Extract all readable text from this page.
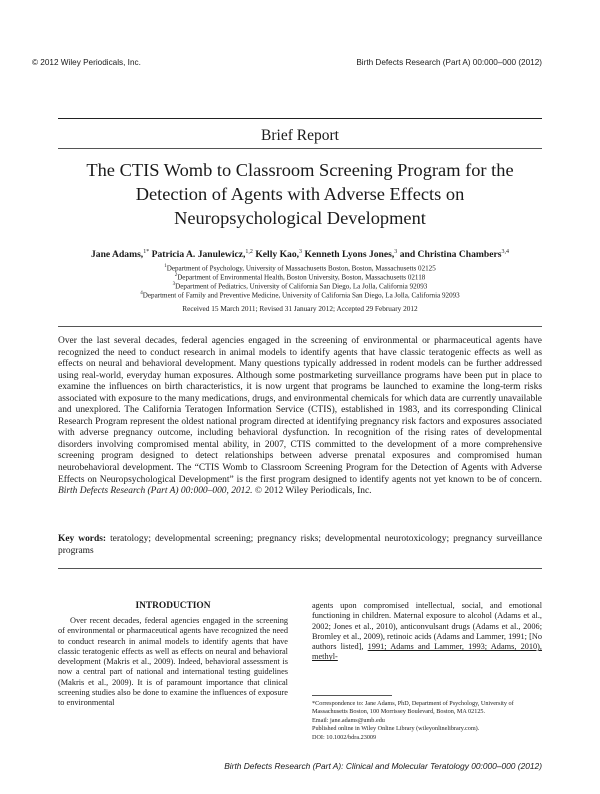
© 2012 Wiley Periodicals, Inc.	Birth Defects Research (Part A) 00:000–000 (2012)
Brief Report
The CTIS Womb to Classroom Screening Program for the Detection of Agents with Adverse Effects on Neuropsychological Development
Jane Adams,$^{1*}$ Patricia A. Janulewicz,$^{1,2}$ Kelly Kao,$^3$ Kenneth Lyons Jones,$^3$ and Christina Chambers$^{3,4}$
$^1$Department of Psychology, University of Massachusetts Boston, Boston, Massachusetts 02125
$^2$Department of Environmental Health, Boston University, Boston, Massachusetts 02118
$^3$Department of Pediatrics, University of California San Diego, La Jolla, California 92093
$^4$Department of Family and Preventive Medicine, University of California San Diego, La Jolla, California 92093
Received 15 March 2011; Revised 31 January 2012; Accepted 29 February 2012
Over the last several decades, federal agencies engaged in the screening of environmental or pharmaceutical agents have recognized the need to conduct research in animal models to identify agents that have classic teratogenic effects as well as effects on neural and behavioral development. Many questions typically addressed in rodent models can be further addressed using real-world, everyday human exposures. Although some postmarketing surveillance programs have been put in place to examine the influences on birth characteristics, it is now urgent that programs be launched to examine the long-term risks associated with exposure to the many medications, drugs, and environmental chemicals for which data are currently unavailable and unexplored. The California Teratogen Information Service (CTIS), established in 1983, and its corresponding Clinical Research Program represent the oldest national program directed at identifying pregnancy risk factors and exposures associated with adverse pregnancy outcome, including behavioral dysfunction. In recognition of the rising rates of developmental disorders involving compromised mental ability, in 2007, CTIS committed to the development of a more comprehensive screening program designed to detect relationships between adverse prenatal exposures and compromised human neurobehavioral development. The “CTIS Womb to Classroom Screening Program for the Detection of Agents with Adverse Effects on Neuropsychological Development” is the first program designed to identify agents not yet known to be of concern. Birth Defects Research (Part A) 00:000–000, 2012. © 2012 Wiley Periodicals, Inc.
Key words: teratology; developmental screening; pregnancy risks; developmental neurotoxicology; pregnancy surveillance programs
INTRODUCTION
Over recent decades, federal agencies engaged in the screening of environmental or pharmaceutical agents have recognized the need to conduct research in animal models to identify agents that have classic teratogenic effects as well as effects on neural and behavioral development (Makris et al., 2009). Indeed, behavioral assessment is now a central part of national and international testing guidelines (Makris et al., 2009). It is of paramount importance that clinical screening studies also be done to examine the influences of exposure to environmental
agents upon compromised intellectual, social, and emotional functioning in children. Maternal exposure to alcohol (Adams et al., 2002; Jones et al., 2010), anticonvulsant drugs (Adams et al., 2006; Bromley et al., 2009), retinoic acids (Adams and Lammer, 1991; [No authors listed], 1991; Adams and Lammer, 1993; Adams, 2010), methyl-

*Correspondence to: Jane Adams, PhD, Department of Psychology, University of Massachusetts Boston, 100 Morrissey Boulevard, Boston, MA 02125.

Email: jane.adams@umb.edu

Published online in Wiley Online Library (wileyonlinelibrary.com).

DOI: 10.1002/bdra.23009

Birth Defects Research (Part A): Clinical and Molecular Teratology 00:000–000 (2012)
